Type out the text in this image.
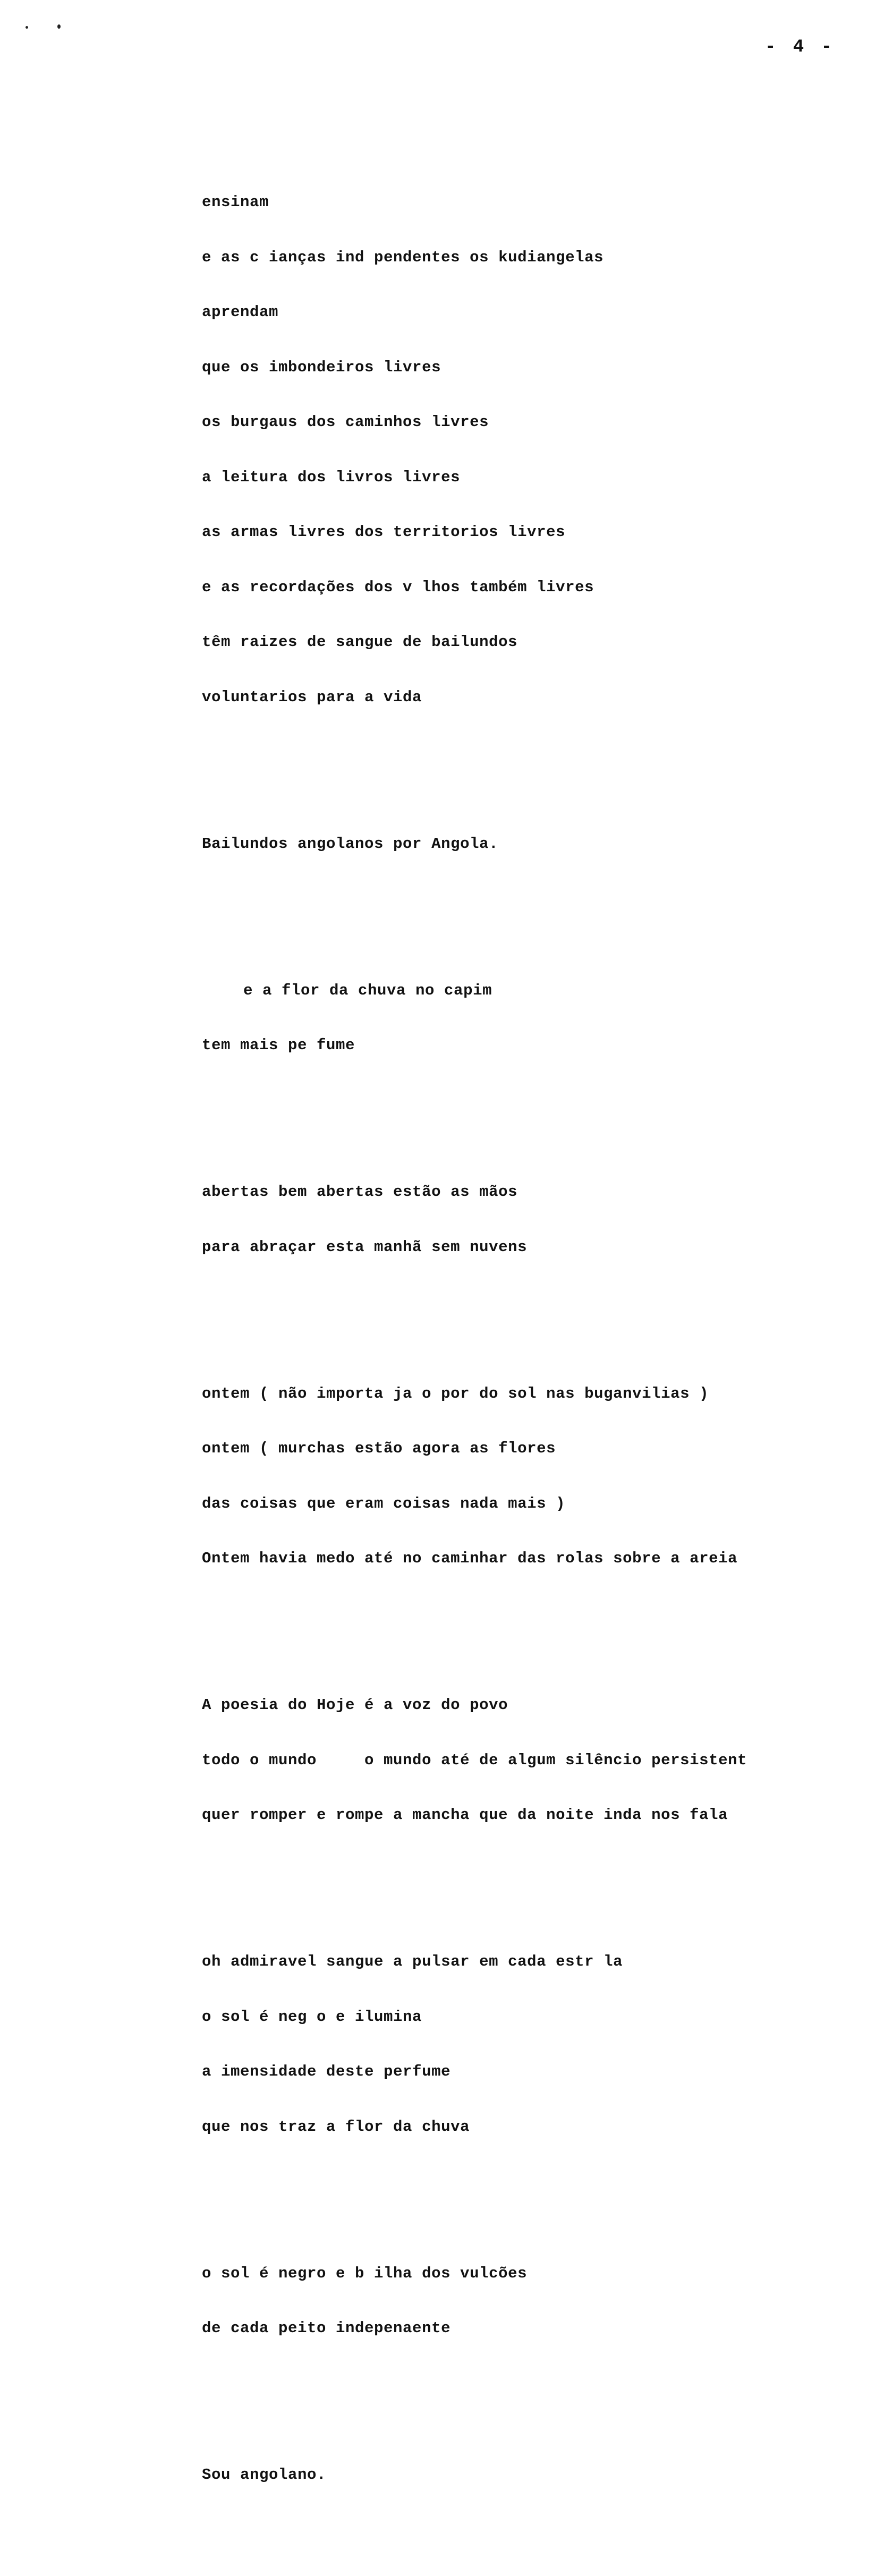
- 4 -

ensinam

e as c ianças ind pendentes os kudiangelas

aprendam

que os imbondeiros livres

os burgaus dos caminhos livres

a leitura dos livros livres

as armas livres dos territorios livres

e as recordações dos v lhos também livres

têm raizes de sangue de bailundos

voluntarios para a vida

Bailundos angolanos por Angola.

e a flor da chuva no capim

tem mais pe fume

abertas bem abertas estão as mãos

para abraçar esta manhã sem nuvens

ontem ( não importa ja o por do sol nas buganvilias )

ontem ( murchas estão agora as flores

das coisas que eram coisas nada mais )

Ontem havia medo até no caminhar das rolas sobre a areia

A poesia do Hoje é a voz do povo

todo o mundo     o mundo até de algum silêncio persistent

quer romper e rompe a mancha que da noite inda nos fala

oh admiravel sangue a pulsar em cada estr la

o sol é neg o e ilumina

a imensidade deste perfume

que nos traz a flor da chuva

o sol é negro e b ilha dos vulcões

de cada peito indepenaente

Sou angolano.
